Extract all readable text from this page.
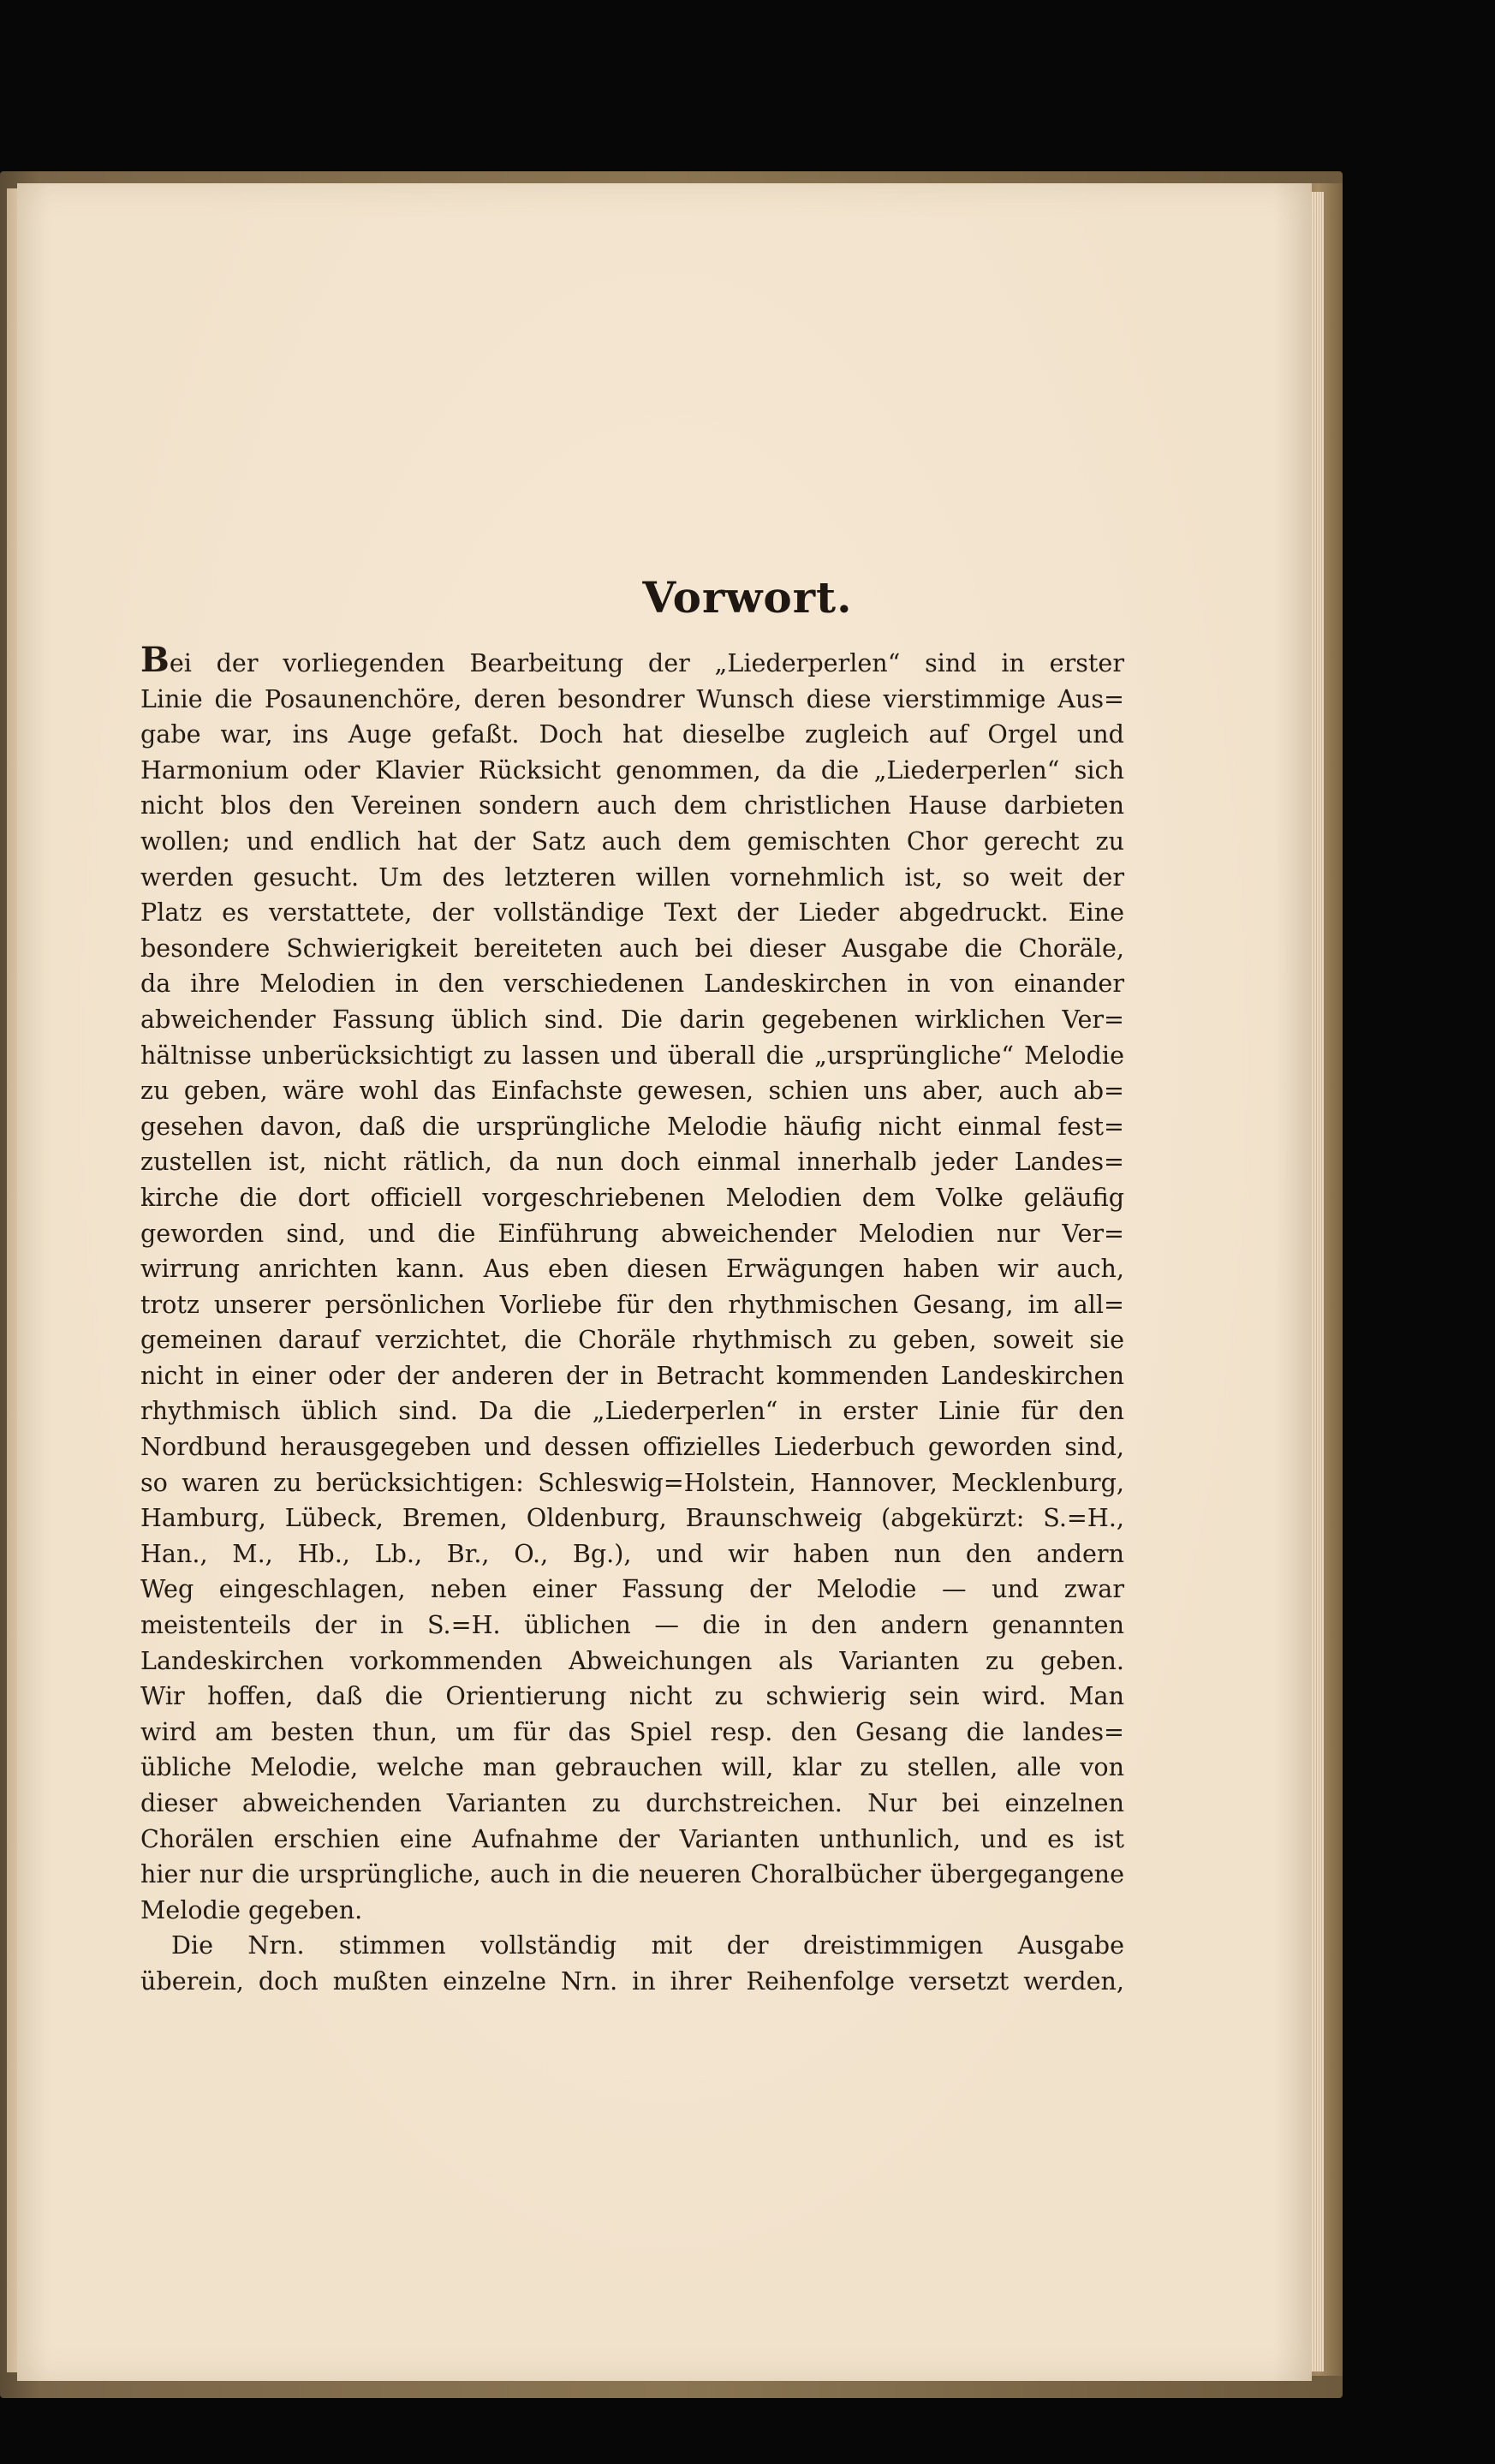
Vorwort.
Bei der vorliegenden Bearbeitung der „Liederperlen“ sind in erster
Linie die Posaunenchöre, deren besondrer Wunsch diese vierstimmige Aus=
gabe war, ins Auge gefaßt. Doch hat dieselbe zugleich auf Orgel und
Harmonium oder Klavier Rücksicht genommen, da die „Liederperlen“ sich
nicht blos den Vereinen sondern auch dem christlichen Hause darbieten
wollen; und endlich hat der Satz auch dem gemischten Chor gerecht zu
werden gesucht. Um des letzteren willen vornehmlich ist, so weit der
Platz es verstattete, der vollständige Text der Lieder abgedruckt. Eine
besondere Schwierigkeit bereiteten auch bei dieser Ausgabe die Choräle,
da ihre Melodien in den verschiedenen Landeskirchen in von einander
abweichender Fassung üblich sind. Die darin gegebenen wirklichen Ver=
hältnisse unberücksichtigt zu lassen und überall die „ursprüngliche“ Melodie
zu geben, wäre wohl das Einfachste gewesen, schien uns aber, auch ab=
gesehen davon, daß die ursprüngliche Melodie häufig nicht einmal fest=
zustellen ist, nicht rätlich, da nun doch einmal innerhalb jeder Landes=
kirche die dort officiell vorgeschriebenen Melodien dem Volke geläufig
geworden sind, und die Einführung abweichender Melodien nur Ver=
wirrung anrichten kann. Aus eben diesen Erwägungen haben wir auch,
trotz unserer persönlichen Vorliebe für den rhythmischen Gesang, im all=
gemeinen darauf verzichtet, die Choräle rhythmisch zu geben, soweit sie
nicht in einer oder der anderen der in Betracht kommenden Landeskirchen
rhythmisch üblich sind. Da die „Liederperlen“ in erster Linie für den
Nordbund herausgegeben und dessen offizielles Liederbuch geworden sind,
so waren zu berücksichtigen: Schleswig=Holstein, Hannover, Mecklenburg,
Hamburg, Lübeck, Bremen, Oldenburg, Braunschweig (abgekürzt: S.=H.,
Han., M., Hb., Lb., Br., O., Bg.), und wir haben nun den andern
Weg eingeschlagen, neben einer Fassung der Melodie — und zwar
meistenteils der in S.=H. üblichen — die in den andern genannten
Landeskirchen vorkommenden Abweichungen als Varianten zu geben.
Wir hoffen, daß die Orientierung nicht zu schwierig sein wird. Man
wird am besten thun, um für das Spiel resp. den Gesang die landes=
übliche Melodie, welche man gebrauchen will, klar zu stellen, alle von
dieser abweichenden Varianten zu durchstreichen. Nur bei einzelnen
Chorälen erschien eine Aufnahme der Varianten unthunlich, und es ist
hier nur die ursprüngliche, auch in die neueren Choralbücher übergegangene
Melodie gegeben.
Die Nrn. stimmen vollständig mit der dreistimmigen Ausgabe
überein, doch mußten einzelne Nrn. in ihrer Reihenfolge versetzt werden,
